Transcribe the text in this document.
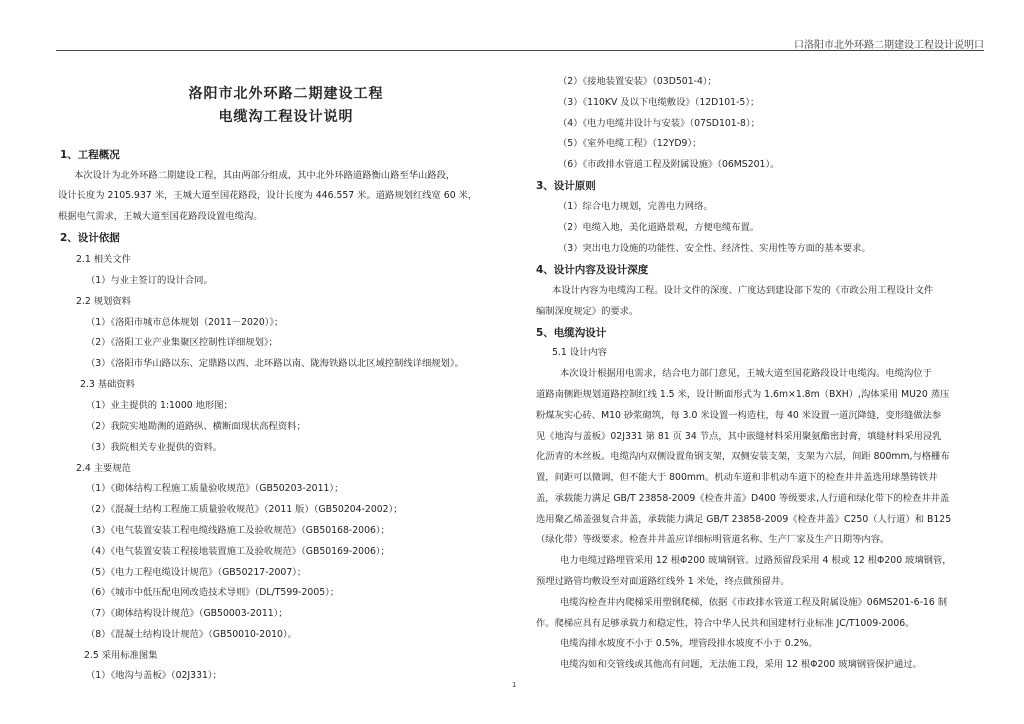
口洛阳市北外环路二期建设工程设计说明口
洛阳市北外环路二期建设工程
电缆沟工程设计说明
1、工程概况
本次设计为北外环路二期建设工程，其由两部分组成，其中北外环路道路衡山路至华山路段，
设计长度为 2105.937 米，王城大道至国花路段，设计长度为 446.557 米。道路规划红线宽 60 米，
根据电气需求，王城大道至国花路段设置电缆沟。
2、设计依据
2.1 相关文件
（1）与业主签订的设计合同。
2.2 规划资料
（1）《洛阳市城市总体规划（2011－2020）》；
（2）《洛阳工业产业集聚区控制性详细规划》；
（3）《洛阳市华山路以东、定鼎路以西、北环路以南、陇海铁路以北区域控制线详细规划》。
2.3 基础资料
（1）业主提供的 1:1000 地形图；
（2）我院实地勘测的道路纵、横断面现状高程资料；
（3）我院相关专业提供的资料。
2.4 主要规范
（1）《砌体结构工程施工质量验收规范》（GB50203-2011）；
（2）《混凝土结构工程施工质量验收规范》（2011 版）（GB50204-2002）；
（3）《电气装置安装工程电缆线路施工及验收规范》（GB50168-2006）；
（4）《电气装置安装工程接地装置施工及验收规范》（GB50169-2006）；
（5）《电力工程电缆设计规范》（GB50217-2007）；
（6）《城市中低压配电网改造技术导则》（DL/T599-2005）；
（7）《砌体结构设计规范》（GB50003-2011）；
（8）《混凝土结构设计规范》（GB50010-2010）。
2.5 采用标准图集
（1）《地沟与盖板》（02J331）；
（2）《接地装置安装》（03D501-4）；
（3）《110KV 及以下电缆敷设》（12D101-5）；
（4）《电力电缆井设计与安装》（07SD101-8）；
（5）《室外电缆工程》（12YD9）；
（6）《市政排水管道工程及附属设施》（06MS201）。
3、设计原则
（1）综合电力规划，完善电力网络。
（2）电缆入地，美化道路景观，方便电缆布置。
（3）突出电力设施的功能性、安全性、经济性、实用性等方面的基本要求。
4、设计内容及设计深度
本设计内容为电缆沟工程。设计文件的深度、广度达到建设部下发的《市政公用工程设计文件
编制深度规定》的要求。
5、电缆沟设计
5.1 设计内容
本次设计根据用电需求，结合电力部门意见，王城大道至国花路段设计电缆沟。电缆沟位于
道路南侧距规划道路控制红线 1.5 米，设计断面形式为 1.6m×1.8m（BXH）,沟体采用 MU20 蒸压
粉煤灰实心砖、M10 砂浆砌筑，每 3.0 米设置一构造柱，每 40 米设置一道沉降缝，变形缝做法参
见《地沟与盖板》02J331 第 81 页 34 节点，其中嵌缝材料采用聚氨酯密封膏，填缝材料采用浸乳
化沥青的木丝板。电缆沟内双侧设置角钢支架，双侧安装支架，支架为六层，间距 800mm,与格栅布
置，间距可以微调，但不能大于 800mm。机动车道和非机动车道下的检查井井盖选用球墨铸铁井
盖，承载能力满足 GB/T 23858-2009《检查井盖》D400 等级要求,人行道和绿化带下的检查井井盖
选用聚乙烯盖强复合井盖，承载能力满足 GB/T 23858-2009《检查井盖》C250（人行道）和 B125
（绿化带）等级要求。检查井井盖应详细标明管道名称、生产厂家及生产日期等内容。
电力电缆过路埋管采用 12 根Φ200 玻璃钢管。过路预留段采用 4 根或 12 根Φ200 玻璃钢管，
预埋过路管均敷设至对面道路红线外 1 米处，终点做预留井。
电缆沟检查井内爬梯采用塑钢爬梯，依据《市政排水管道工程及附属设施》06MS201-6-16 制
作。爬梯应具有足够承载力和稳定性，符合中华人民共和国建材行业标准 JC/T1009-2006。
电缆沟排水坡度不小于 0.5%，埋管段排水坡度不小于 0.2%。
电缆沟如和交管线或其他高有问题，无法施工段，采用 12 根Φ200 玻璃钢管保护通过。
1
